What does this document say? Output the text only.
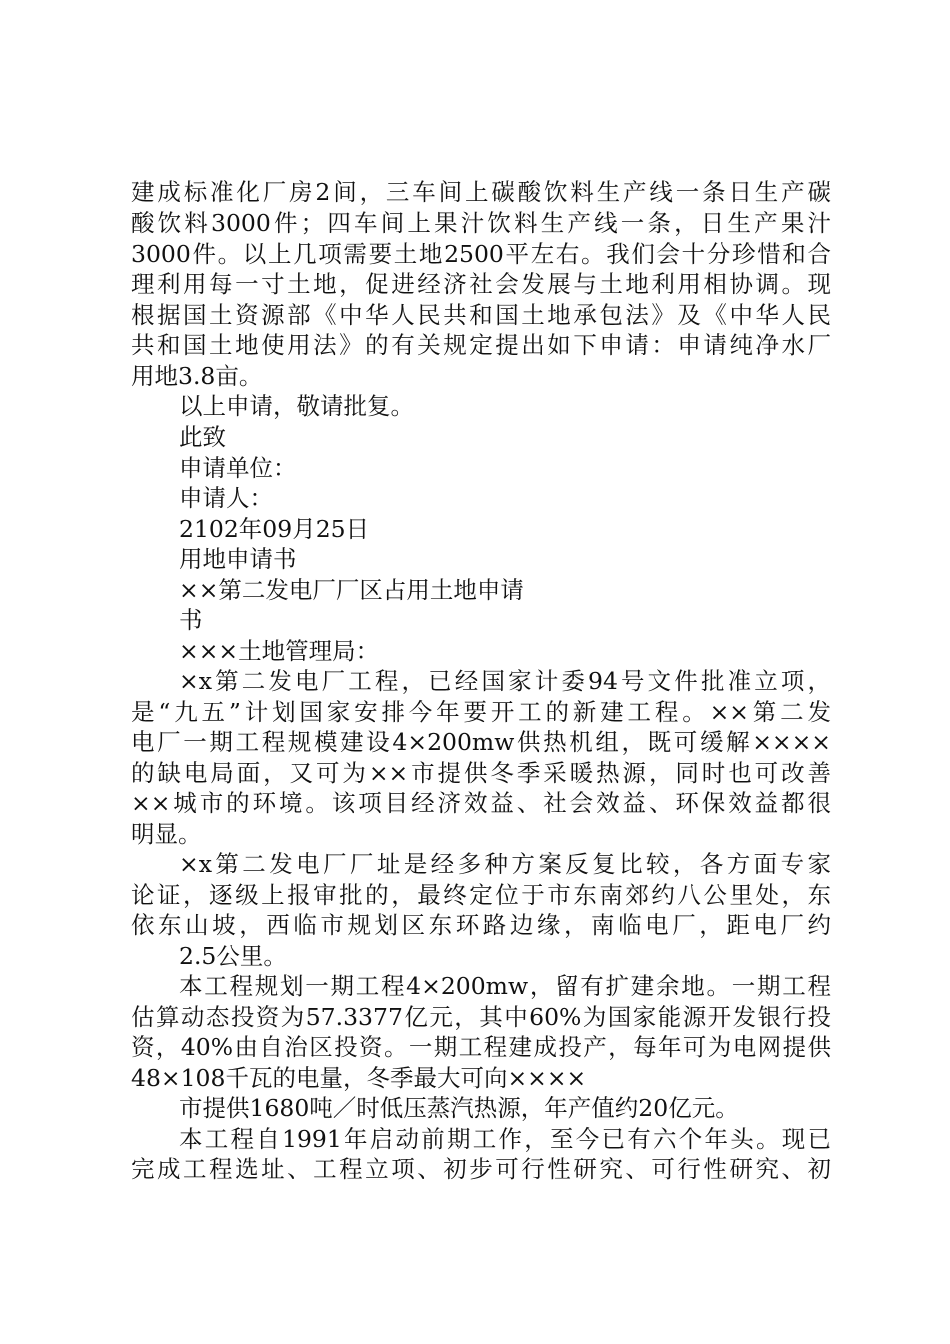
建成标准化厂房2间，三车间上碳酸饮料生产线一条日生产碳
酸饮料3000件；四车间上果汁饮料生产线一条，日生产果汁
3000件。以上几项需要土地2500平左右。我们会十分珍惜和合
理利用每一寸土地，促进经济社会发展与土地利用相协调。现
根据国土资源部《中华人民共和国土地承包法》及《中华人民
共和国土地使用法》的有关规定提出如下申请：申请纯净水厂
用地3.8亩。
以上申请，敬请批复。
此致
申请单位：
申请人：
2102年09月25日
用地申请书
××第二发电厂厂区占用土地申请
书
×××土地管理局：
×x第二发电厂工程，已经国家计委94号文件批准立项，
是“九五”计划国家安排今年要开工的新建工程。××第二发
电厂一期工程规模建设4×200mw供热机组，既可缓解××××
的缺电局面，又可为××市提供冬季采暖热源，同时也可改善
××城市的环境。该项目经济效益、社会效益、环保效益都很
明显。
×x第二发电厂厂址是经多种方案反复比较，各方面专家
论证，逐级上报审批的，最终定位于市东南郊约八公里处，东
依东山坡，西临市规划区东环路边缘，南临电厂，距电厂约
2.5公里。
本工程规划一期工程4×200mw，留有扩建余地。一期工程
估算动态投资为57.3377亿元，其中60%为国家能源开发银行投
资，40%由自治区投资。一期工程建成投产，每年可为电网提供
48×108千瓦的电量，冬季最大可向××××
市提供1680吨／时低压蒸汽热源，年产值约20亿元。
本工程自1991年启动前期工作，至今已有六个年头。现已
完成工程选址、工程立项、初步可行性研究、可行性研究、初
